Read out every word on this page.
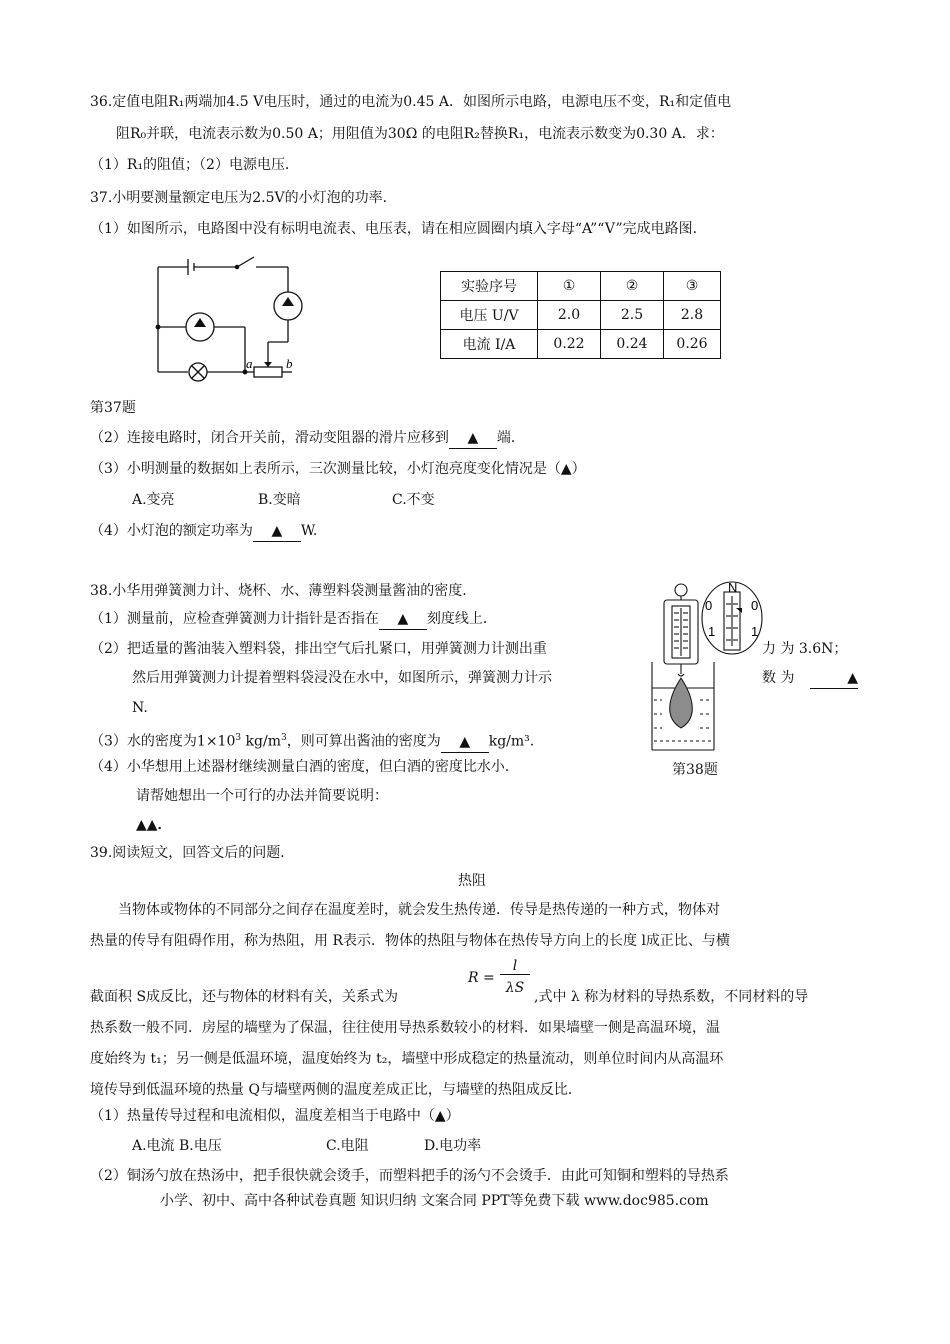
36.定值电阻R₁两端加4.5 V电压时，通过的电流为0.45 A．如图所示电路，电源电压不变，R₁和定值电
阻R₀并联，电流表示数为0.50 A；用阻值为30Ω 的电阻R₂替换R₁，电流表示数变为0.30 A．求：
（1）R₁的阻值；（2）电源电压．
37.小明要测量额定电压为2.5V的小灯泡的功率．
（1）如图所示，电路图中没有标明电流表、电压表，请在相应圆圈内填入字母“A”“V”完成电路图．
a	b
实验序号	①	②	③
电压 U/V	2.0	2.5	2.8
电流 I/A	0.22	0.24	0.26
第37题
（2）连接电路时，闭合开关前，滑动变阻器的滑片应移到 ▲ 端．
（3）小明测量的数据如上表所示，三次测量比较，小灯泡亮度变化情况是（▲）
A.变亮	B.变暗	C.不变
（4）小灯泡的额定功率为 ▲ W.
38.小华用弹簧测力计、烧杯、水、薄塑料袋测量酱油的密度．
（1）测量前，应检查弹簧测力计指针是否指在 ▲ 刻度线上．
（2）把适量的酱油装入塑料袋，排出空气后扎紧口，用弹簧测力计测出重	力 为 3.6N；
然后用弹簧测力计提着塑料袋浸没在水中，如图所示，弹簧测力计示	数 为	▲
N.
（3）水的密度为$1\times 10^3$ $kg/m^3$，则可算出酱油的密度为 ▲ kg/m³.
（4）小华想用上述器材继续测量白酒的密度，但白酒的密度比水小．
请帮她想出一个可行的办法并简要说明：
▲▲．
N
0	0
1	1
第38题
39.阅读短文，回答文后的问题．
热阻
当物体或物体的不同部分之间存在温度差时，就会发生热传递．传导是热传递的一种方式，物体对
热量的传导有阻碍作用，称为热阻，用 R表示．物体的热阻与物体在热传导方向上的长度 l成正比、与横
截面积 S成反比，还与物体的材料有关，关系式为
R =
l
λS
,式中 λ 称为材料的导热系数，不同材料的导
热系数一般不同．房屋的墙壁为了保温，往往使用导热系数较小的材料．如果墙壁一侧是高温环境，温
度始终为 t₁；另一侧是低温环境，温度始终为 t₂，墙壁中形成稳定的热量流动，则单位时间内从高温环
境传导到低温环境的热量 Q与墙壁两侧的温度差成正比，与墙壁的热阻成反比．
（1）热量传导过程和电流相似，温度差相当于电路中（▲）
A.电流 B.电压	C.电阻	D.电功率
（2）铜汤勺放在热汤中，把手很快就会烫手，而塑料把手的汤勺不会烫手．由此可知铜和塑料的导热系
小学、初中、高中各种试卷真题 知识归纳 文案合同 PPT等免费下载 www.doc985.com
